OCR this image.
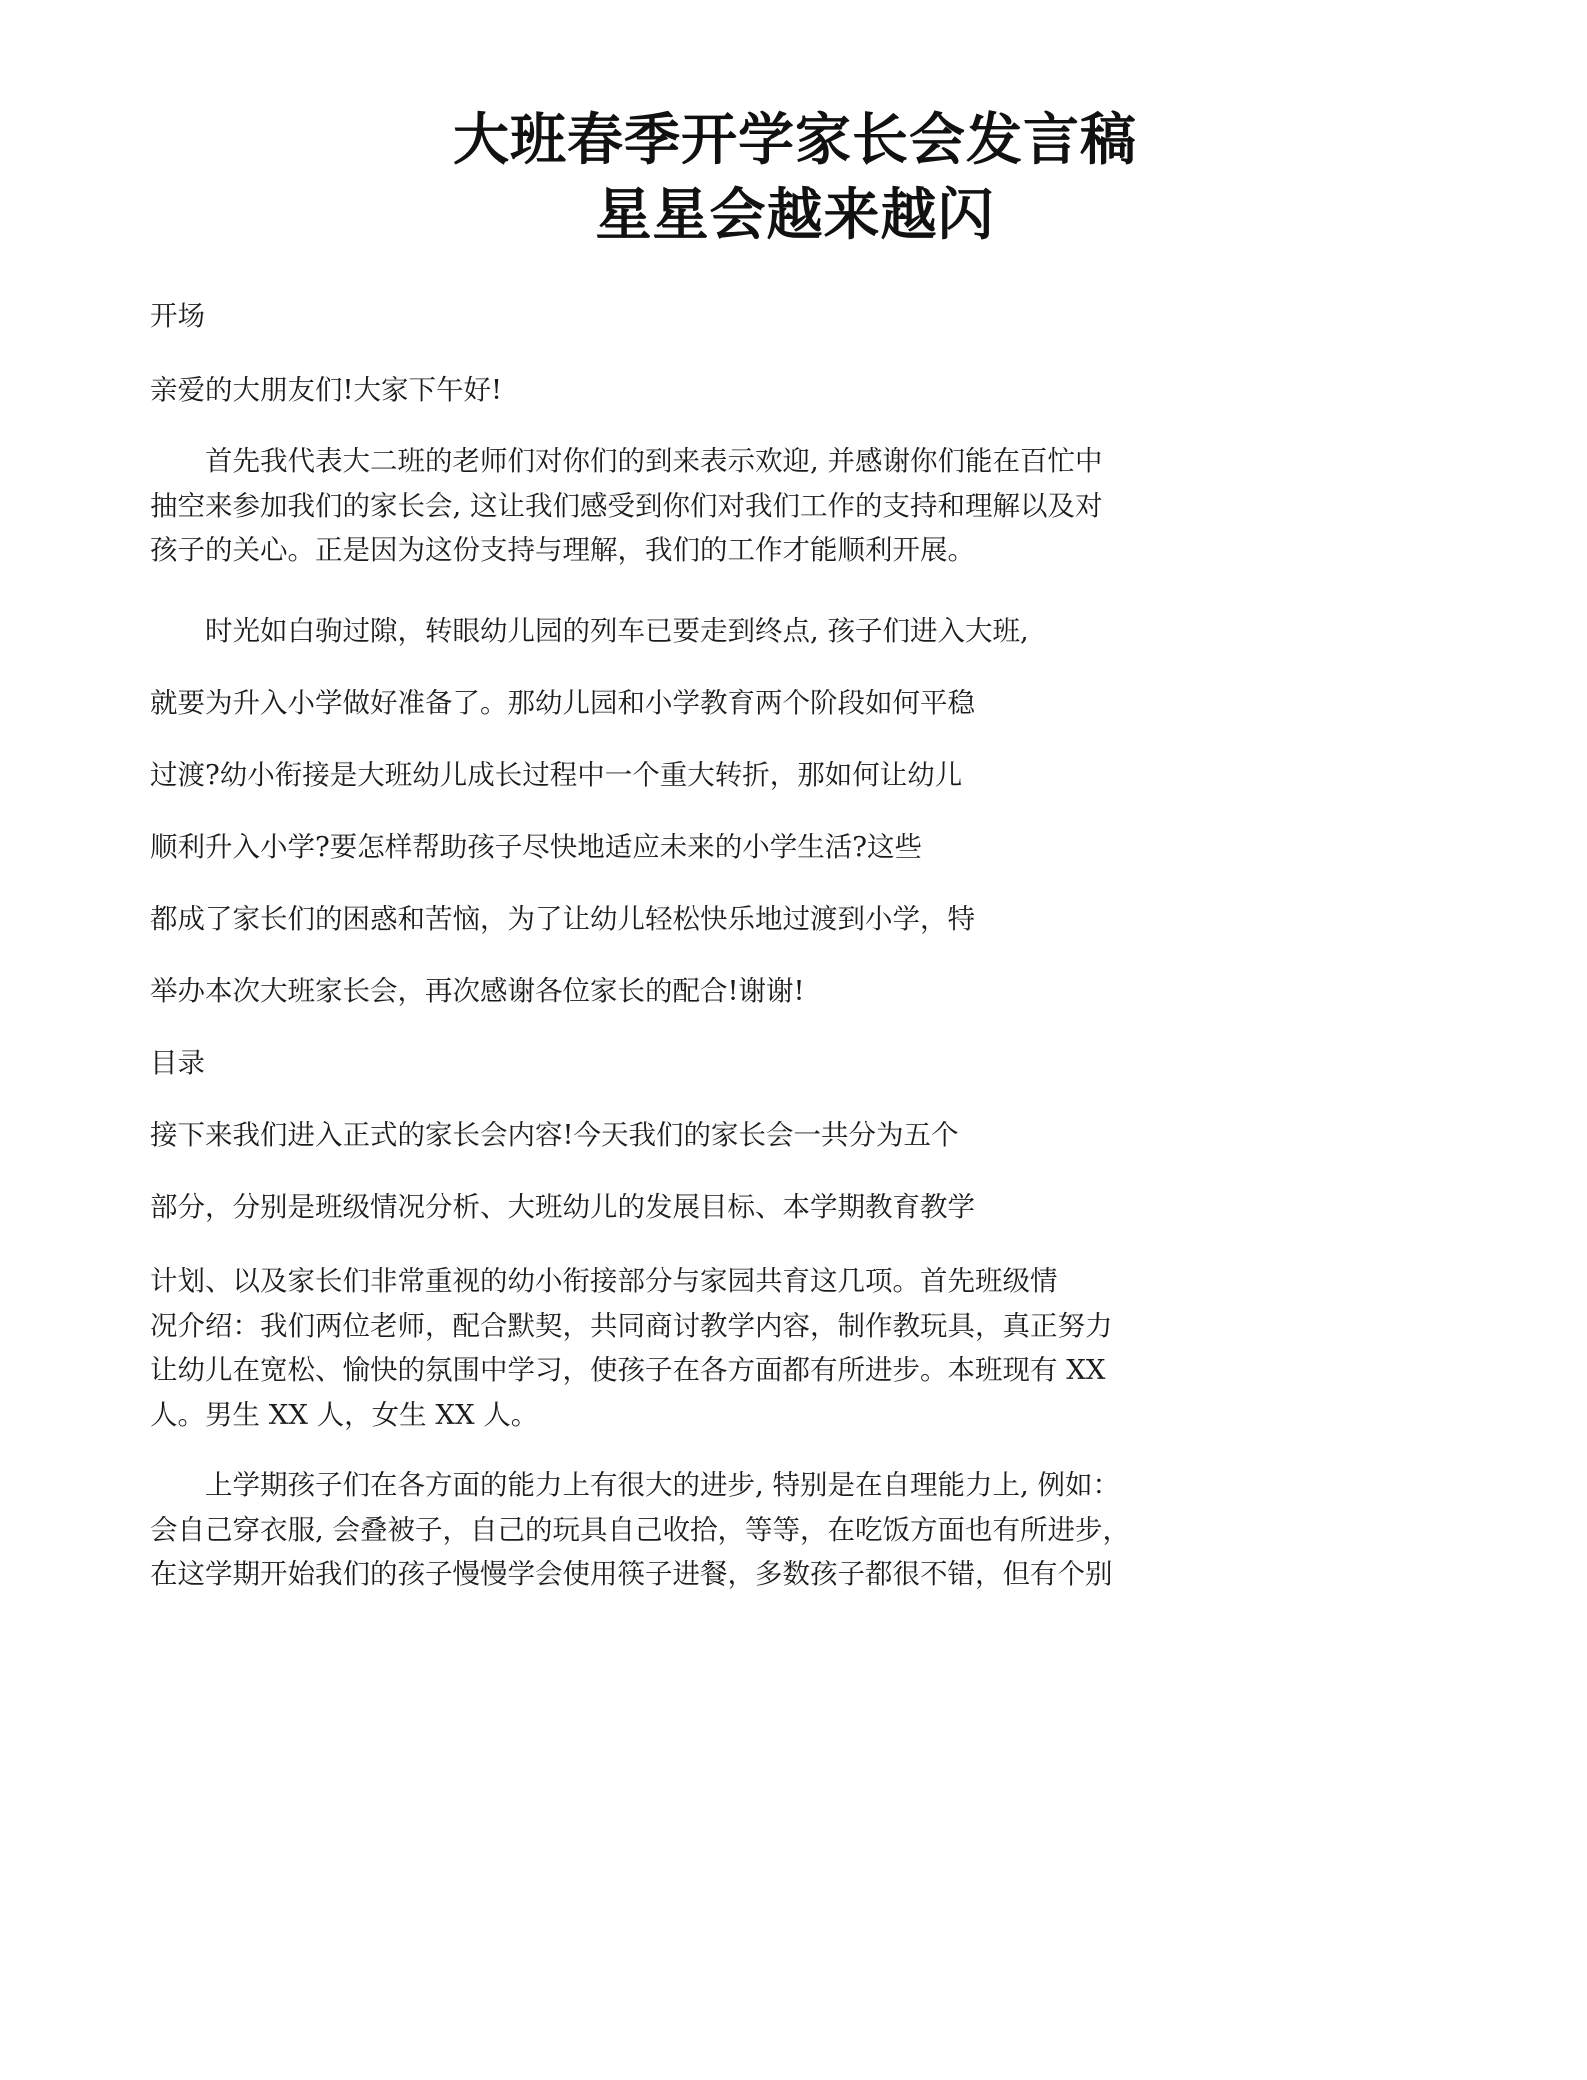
大班春季开学家长会发言稿
星星会越来越闪

开场

亲爱的大朋友们!大家下午好!

首先我代表大二班的老师们对你们的到来表示欢迎, 并感谢你们能在百忙中

抽空来参加我们的家长会, 这让我们感受到你们对我们工作的支持和理解以及对

孩子的关心。正是因为这份支持与理解，我们的工作才能顺利开展。

时光如白驹过隙，转眼幼儿园的列车已要走到终点, 孩子们进入大班,

就要为升入小学做好准备了。那幼儿园和小学教育两个阶段如何平稳

过渡?幼小衔接是大班幼儿成长过程中一个重大转折，那如何让幼儿

顺利升入小学?要怎样帮助孩子尽快地适应未来的小学生活?这些

都成了家长们的困惑和苦恼，为了让幼儿轻松快乐地过渡到小学，特

举办本次大班家长会，再次感谢各位家长的配合!谢谢!

目录

接下来我们进入正式的家长会内容!今天我们的家长会一共分为五个

部分，分别是班级情况分析、大班幼儿的发展目标、本学期教育教学

计划、以及家长们非常重视的幼小衔接部分与家园共育这几项。首先班级情

况介绍：我们两位老师，配合默契，共同商讨教学内容，制作教玩具，真正努力

让幼儿在宽松、愉快的氛围中学习，使孩子在各方面都有所进步。本班现有 XX

人。男生 XX 人，女生 XX 人。

上学期孩子们在各方面的能力上有很大的进步, 特别是在自理能力上, 例如：

会自己穿衣服, 会叠被子，自己的玩具自己收拾，等等，在吃饭方面也有所进步，

在这学期开始我们的孩子慢慢学会使用筷子进餐，多数孩子都很不错，但有个别
